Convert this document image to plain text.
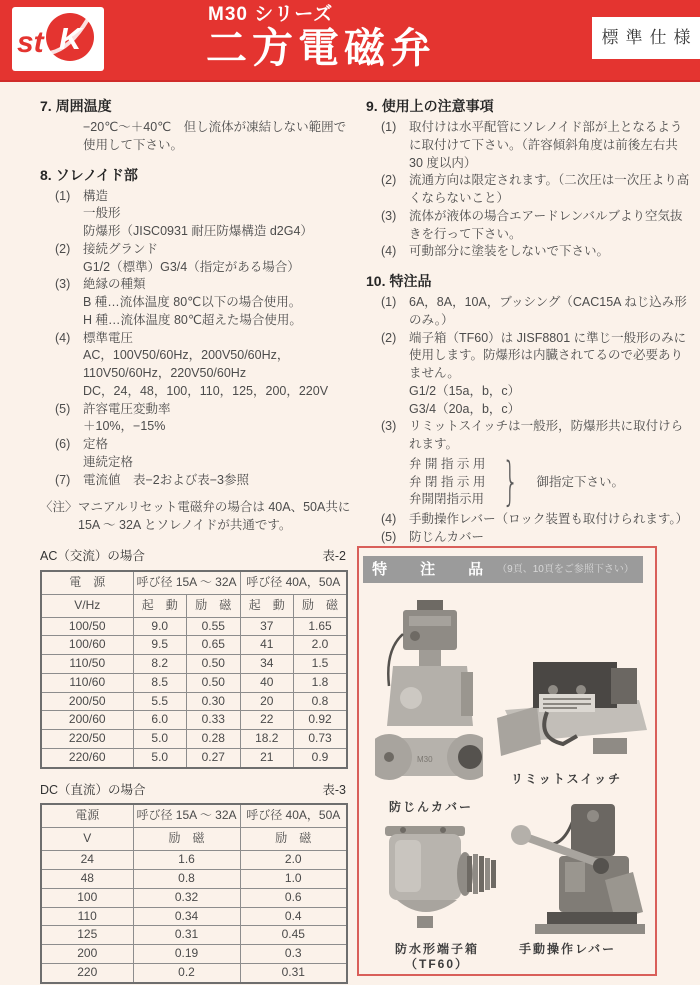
st K
M30 シリーズ
二方電磁弁	標準仕様
7. 周囲温度
−20℃〜＋40℃　但し流体が凍結しない範囲で使用して下さい。
8. ソレノイド部
(1)	構造
一般形
防爆形（JISC0931 耐圧防爆構造 d2G4）
(2)	接続グランド
G1/2（標準）G3/4（指定がある場合）
(3)	絶縁の種類
B 種…流体温度 80℃以下の場合使用。
H 種…流体温度 80℃超えた場合使用。
(4)	標準電圧
AC，100V50/60Hz，200V50/60Hz，110V50/60Hz，220V50/60Hz
DC，24，48，100，110，125，200，220V
(5)	許容電圧変動率
＋10%，−15%
(6)	定格
連続定格
(7)	電流値　表−2および表−3参照
〈注〉 マニアルリセット電磁弁の場合は 40A、50A共に 15A 〜 32A とソレノイドが共通です。
AC（交流）の場合	表-2
電　源	呼び径 15A 〜 32A		呼び径 40A，50A	
V/Hz	起　動	励　磁	起　動	励　磁
100/50	9.0	0.55	37	1.65
100/60	9.5	0.65	41	2.0
110/50	8.2	0.50	34	1.5
110/60	8.5	0.50	40	1.8
200/50	5.5	0.30	20	0.8
200/60	6.0	0.33	22	0.92
220/50	5.0	0.28	18.2	0.73
220/60	5.0	0.27	21	0.9
DC（直流）の場合	表-3
電源	呼び径 15A 〜 32A	呼び径 40A，50A
V	励　磁	励　磁
24	1.6	2.0
48	0.8	1.0
100	0.32	0.6
110	0.34	0.4
125	0.31	0.45
200	0.19	0.3
220	0.2	0.31
9. 使用上の注意事項
(1)	取付けは水平配管にソレノイド部が上となるように取付けて下さい。（許容傾斜角度は前後左右共 30 度以内）
(2)	流通方向は限定されます。（二次圧は一次圧より高くならないこと）
(3)	流体が液体の場合エアードレンバルブより空気抜きを行って下さい。
(4)	可動部分に塗装をしないで下さい。
10. 特注品
(1)	6A，8A，10A，ブッシング（CAC15A ねじ込み形のみ。）
(2)	端子箱（TF60）は JISF8801 に準じ一般形のみに使用します。防爆形は内臓されてるので必要ありません。
G1/2（15a，b，c）
G3/4（20a，b，c）
(3)	リミットスイッチは一般形，防爆形共に取付けられます。
弁 開 指 示 用
弁 閉 指 示 用
弁開閉指示用 } 御指定下さい。
(4)	手動操作レバー（ロック装置も取付けられます。）
(5)	防じんカバー
特　注　品 （9頁、10頁をご参照下さい）
M30
防じんカバー
リミットスイッチ
防水形端子箱
（TF60）
手動操作レバー
